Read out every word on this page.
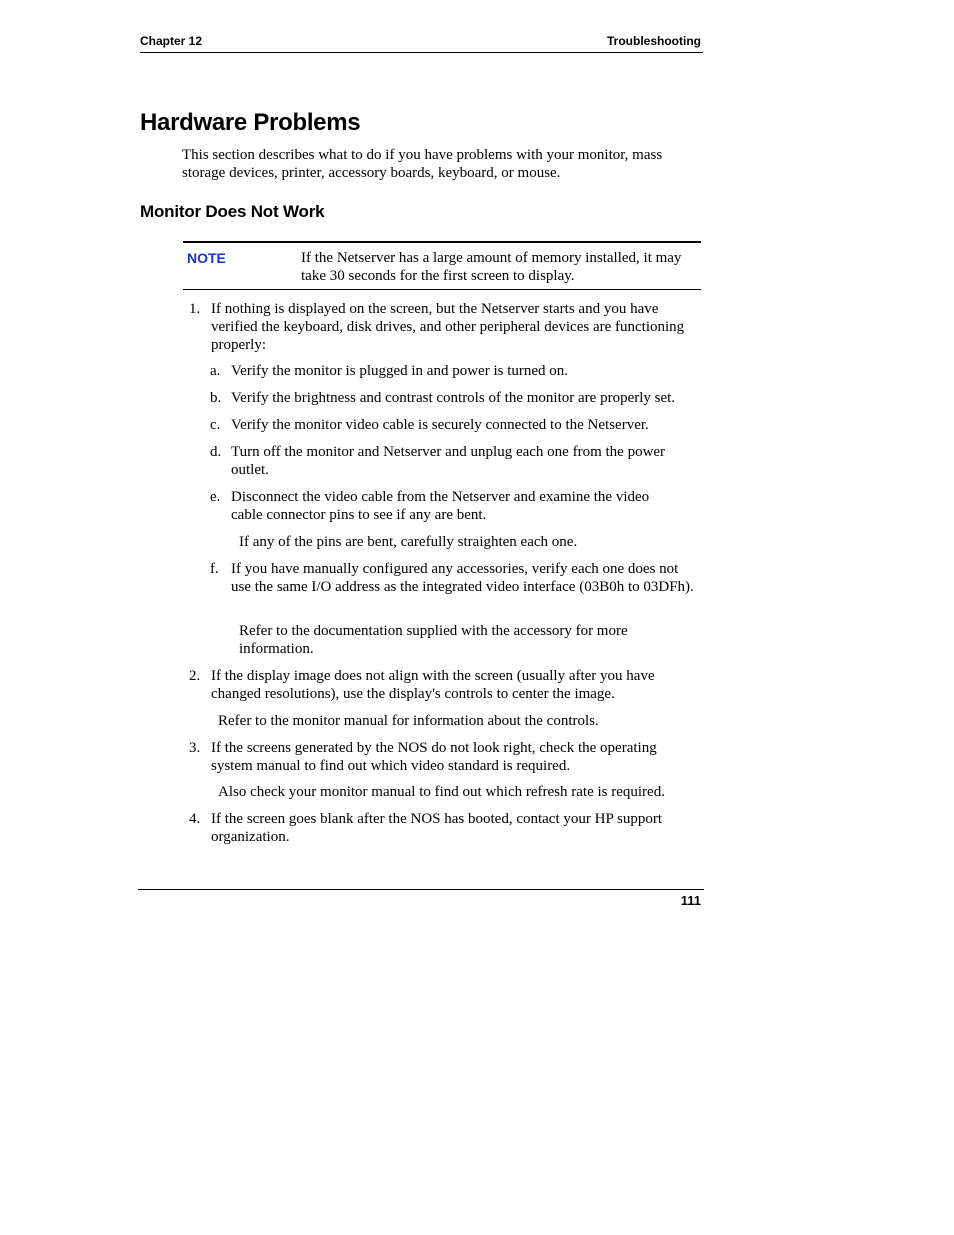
Chapter 12	Troubleshooting
Hardware Problems

This section describes what to do if you have problems with your monitor, mass storage devices, printer, accessory boards, keyboard, or mouse.

Monitor Does Not Work
NOTE	If the Netserver has a large amount of memory installed, it may take 30 seconds for the first screen to display.
1. If nothing is displayed on the screen, but the Netserver starts and you have verified the keyboard, disk drives, and other peripheral devices are functioning properly:

a. Verify the monitor is plugged in and power is turned on.

b. Verify the brightness and contrast controls of the monitor are properly set.

c. Verify the monitor video cable is securely connected to the Netserver.

d. Turn off the monitor and Netserver and unplug each one from the power outlet.

e. Disconnect the video cable from the Netserver and examine the video cable connector pins to see if any are bent.

If any of the pins are bent, carefully straighten each one.

f. If you have manually configured any accessories, verify each one does not use the same I/O address as the integrated video interface (03B0h to 03DFh).

Refer to the documentation supplied with the accessory for more information.

2. If the display image does not align with the screen (usually after you have changed resolutions), use the display's controls to center the image.

Refer to the monitor manual for information about the controls.

3. If the screens generated by the NOS do not look right, check the operating system manual to find out which video standard is required.

Also check your monitor manual to find out which refresh rate is required.

4. If the screen goes blank after the NOS has booted, contact your HP support organization.

111
